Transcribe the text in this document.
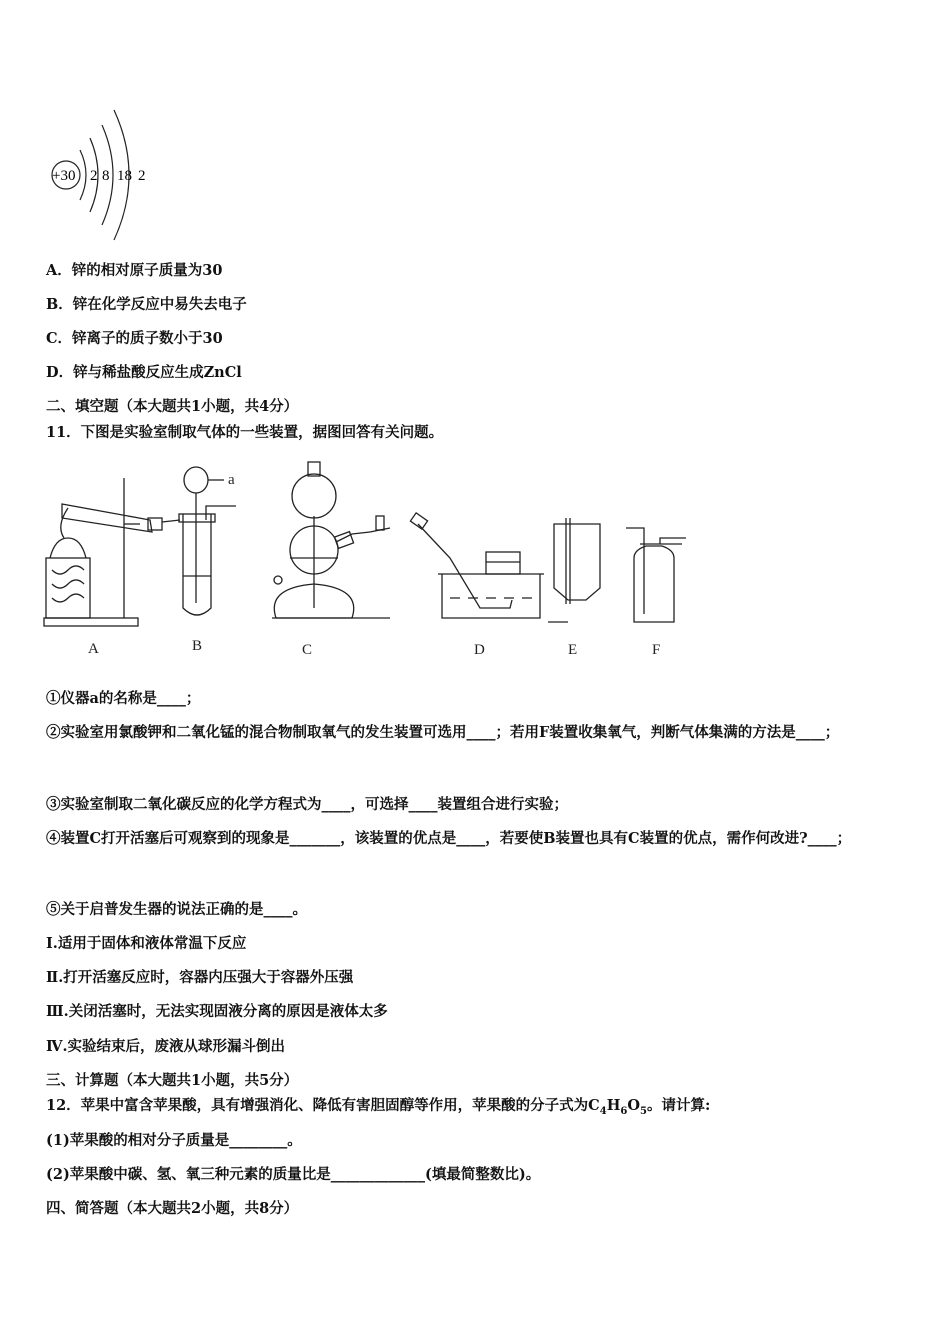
+30 2 8 18 2
A．锌的相对原子质量为30
B．锌在化学反应中易失去电子
C．锌离子的质子数小于30
D．锌与稀盐酸反应生成ZnCl
二、填空题（本大题共1小题，共4分）
11．下图是实验室制取气体的一些装置，据图回答有关问题。
A
a
B	C	D	E	F
①仪器a的名称是____；
②实验室用氯酸钾和二氧化锰的混合物制取氧气的发生装置可选用____；若用F装置收集氧气，判断气体集满的方法是____；
③实验室制取二氧化碳反应的化学方程式为____，可选择____装置组合进行实验；
④装置C打开活塞后可观察到的现象是_______，该装置的优点是____，若要使B装置也具有C装置的优点，需作何改进?____；
⑤关于启普发生器的说法正确的是____。
Ⅰ.适用于固体和液体常温下反应
Ⅱ.打开活塞反应时，容器内压强大于容器外压强
Ⅲ.关闭活塞时，无法实现固液分离的原因是液体太多
Ⅳ.实验结束后，废液从球形漏斗倒出
三、计算题（本大题共1小题，共5分）
12．苹果中富含苹果酸，具有增强消化、降低有害胆固醇等作用，苹果酸的分子式为$C_4H_6O_5$。请计算:
(1)苹果酸的相对分子质量是________。
(2)苹果酸中碳、氢、氧三种元素的质量比是_____________(填最简整数比)。
四、简答题（本大题共2小题，共8分）
